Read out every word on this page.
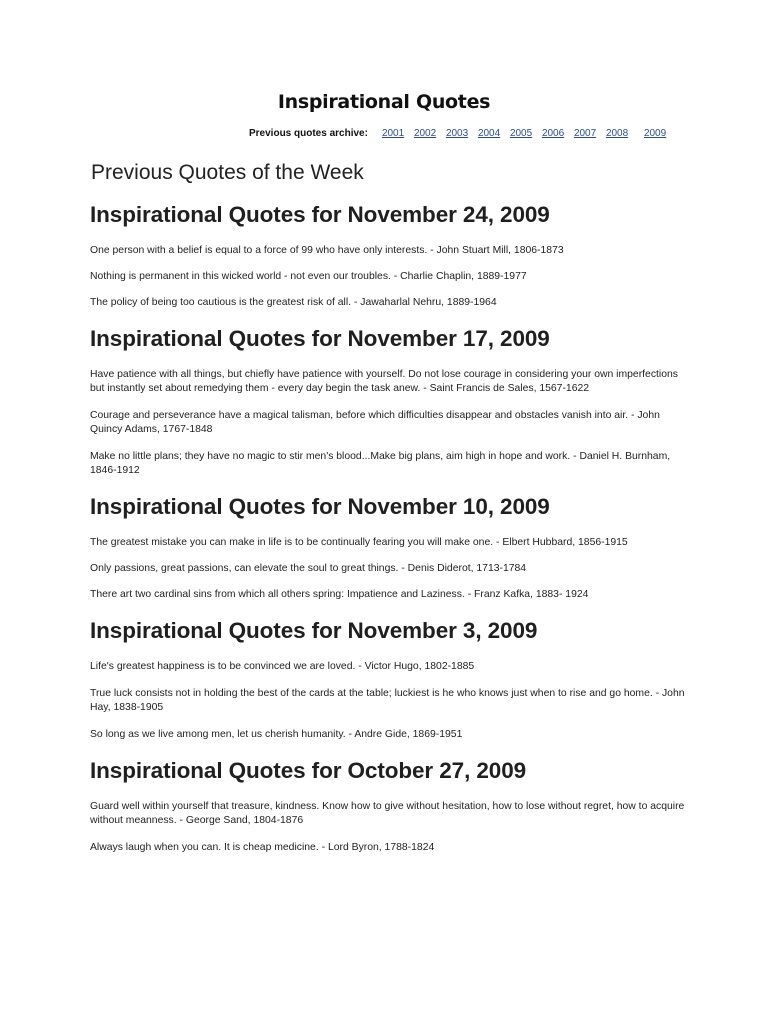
Inspirational Quotes
Previous quotes archive: 2001 2002 2003 2004 2005 2006 2007 2008	2009
Previous Quotes of the Week
Inspirational Quotes for November 24, 2009

One person with a belief is equal to a force of 99 who have only interests. - John Stuart Mill, 1806-1873

Nothing is permanent in this wicked world - not even our troubles. - Charlie Chaplin, 1889-1977

The policy of being too cautious is the greatest risk of all. - Jawaharlal Nehru, 1889-1964

Inspirational Quotes for November 17, 2009

Have patience with all things, but chiefly have patience with yourself. Do not lose courage in considering your own imperfections but instantly set about remedying them - every day begin the task anew. - Saint Francis de Sales, 1567-1622

Courage and perseverance have a magical talisman, before which difficulties disappear and obstacles vanish into air. - John Quincy Adams, 1767-1848

Make no little plans; they have no magic to stir men's blood...Make big plans, aim high in hope and work. - Daniel H. Burnham, 1846-1912

Inspirational Quotes for November 10, 2009

The greatest mistake you can make in life is to be continually fearing you will make one. - Elbert Hubbard, 1856-1915

Only passions, great passions, can elevate the soul to great things. - Denis Diderot, 1713-1784

There art two cardinal sins from which all others spring: Impatience and Laziness. - Franz Kafka, 1883- 1924

Inspirational Quotes for November 3, 2009

Life's greatest happiness is to be convinced we are loved. - Victor Hugo, 1802-1885

True luck consists not in holding the best of the cards at the table; luckiest is he who knows just when to rise and go home. - John Hay, 1838-1905

So long as we live among men, let us cherish humanity. - Andre Gide, 1869-1951

Inspirational Quotes for October 27, 2009

Guard well within yourself that treasure, kindness. Know how to give without hesitation, how to lose without regret, how to acquire without meanness. - George Sand, 1804-1876

Always laugh when you can. It is cheap medicine. - Lord Byron, 1788-1824
